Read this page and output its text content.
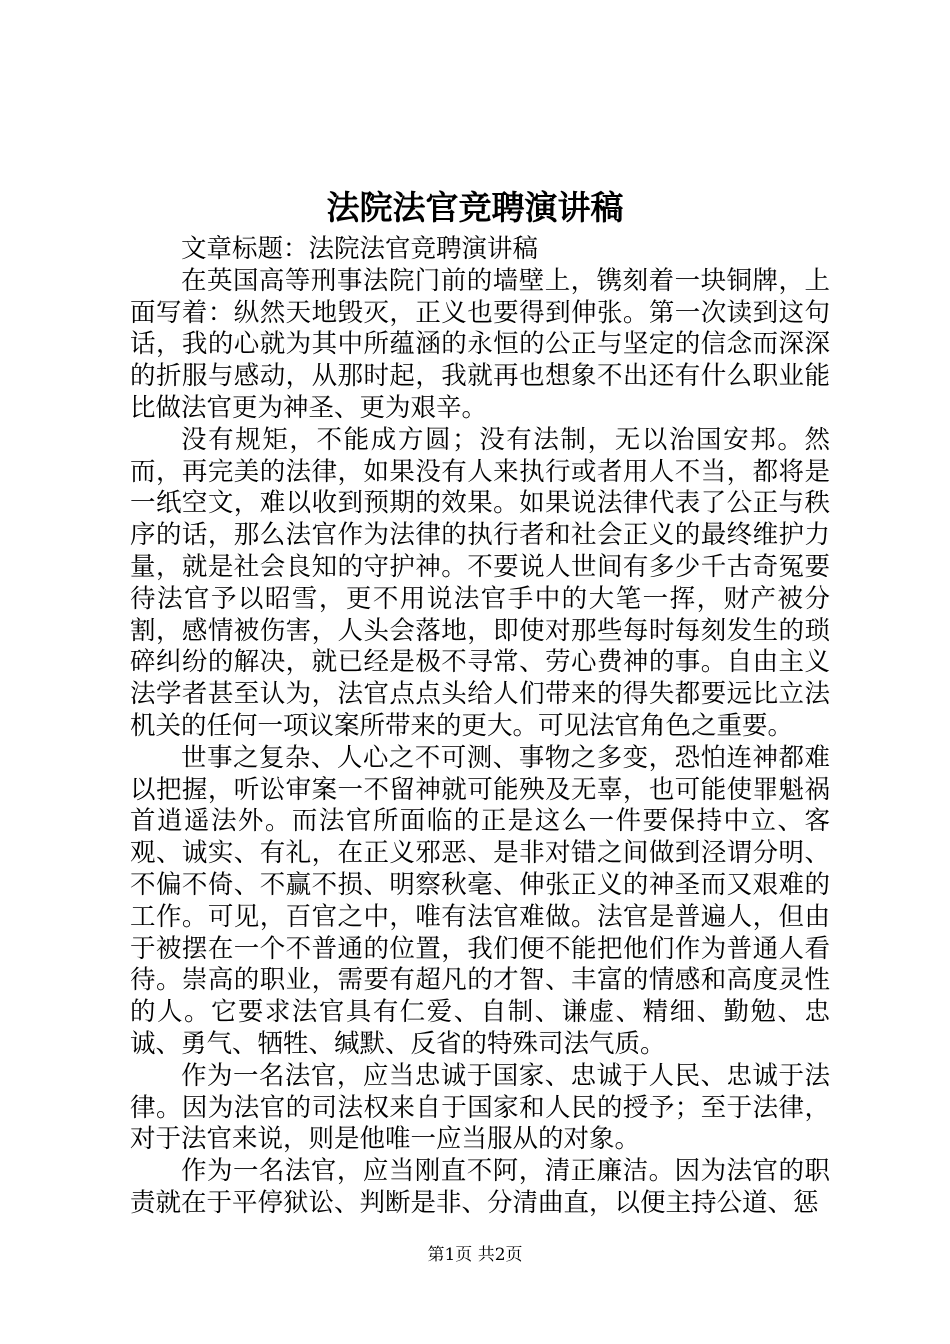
法院法官竞聘演讲稿

文章标题：法院法官竞聘演讲稿

在英国高等刑事法院门前的墙壁上，镌刻着一块铜牌，上面写着：纵然天地毁灭，正义也要得到伸张。第一次读到这句话，我的心就为其中所蕴涵的永恒的公正与坚定的信念而深深的折服与感动，从那时起，我就再也想象不出还有什么职业能比做法官更为神圣、更为艰辛。

没有规矩，不能成方圆；没有法制，无以治国安邦。然而，再完美的法律，如果没有人来执行或者用人不当，都将是一纸空文，难以收到预期的效果。如果说法律代表了公正与秩序的话，那么法官作为法律的执行者和社会正义的最终维护力量，就是社会良知的守护神。不要说人世间有多少千古奇冤要待法官予以昭雪，更不用说法官手中的大笔一挥，财产被分割，感情被伤害，人头会落地，即使对那些每时每刻发生的琐碎纠纷的解决，就已经是极不寻常、劳心费神的事。自由主义法学者甚至认为，法官点点头给人们带来的得失都要远比立法机关的任何一项议案所带来的更大。可见法官角色之重要。

世事之复杂、人心之不可测、事物之多变，恐怕连神都难以把握，听讼审案一不留神就可能殃及无辜，也可能使罪魁祸首逍遥法外。而法官所面临的正是这么一件要保持中立、客观、诚实、有礼，在正义邪恶、是非对错之间做到泾谓分明、不偏不倚、不赢不损、明察秋毫、伸张正义的神圣而又艰难的工作。可见，百官之中，唯有法官难做。法官是普遍人，但由于被摆在一个不普通的位置，我们便不能把他们作为普通人看待。崇高的职业，需要有超凡的才智、丰富的情感和高度灵性的人。它要求法官具有仁爱、自制、谦虚、精细、勤勉、忠诚、勇气、牺牲、缄默、反省的特殊司法气质。

作为一名法官，应当忠诚于国家、忠诚于人民、忠诚于法律。因为法官的司法权来自于国家和人民的授予；至于法律，对于法官来说，则是他唯一应当服从的对象。

作为一名法官，应当刚直不阿，清正廉洁。因为法官的职责就在于平停狱讼、判断是非、分清曲直，以便主持公道、惩

第1页 共2页
